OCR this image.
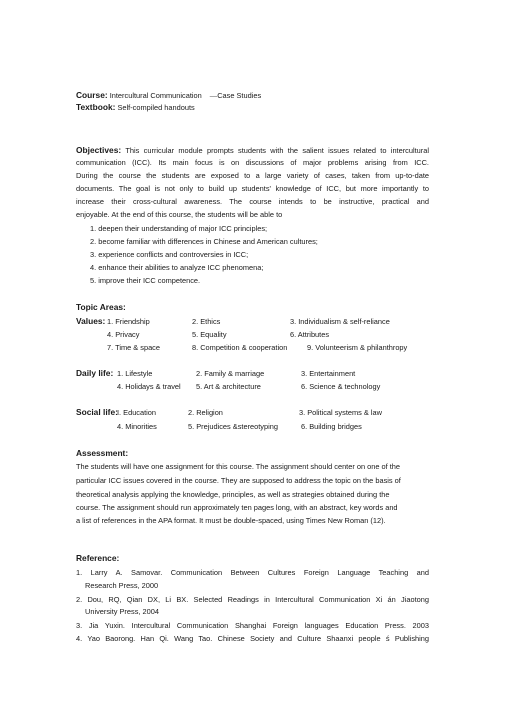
Course: Intercultural Communication —Case Studies
Textbook: Self-compiled handouts
Objectives: This curricular module prompts students with the salient issues related to intercultural
communication (ICC). Its main focus is on discussions of major problems arising from ICC.
During the course the students are exposed to a large variety of cases, taken from up-to-date
documents. The goal is not only to build up students' knowledge of ICC, but more importantly to
increase their cross-cultural awareness. The course intends to be instructive, practical and
enjoyable. At the end of this course, the students will be able to
1. deepen their understanding of major ICC principles;
2. become familiar with differences in Chinese and American cultures;
3. experience conflicts and controversies in ICC;
4. enhance their abilities to analyze ICC phenomena;
5. improve their ICC competence.
Topic Areas:
Values: 1. Friendship	2. Ethics	3. Individualism & self-reliance
4. Privacy	5. Equality	6. Attributes
7. Time & space	8. Competition & cooperation	9. Volunteerism & philanthropy
Daily life: 1. Lifestyle	2. Family & marriage	3. Entertainment
4. Holidays & travel 5. Art & architecture	6. Science & technology
Social life: I. Education	2. Religion	3. Political systems & law
4. Minorities	5. Prejudices &stereotyping	6. Building bridges
Assessment:
The students will have one assignment for this course. The assignment should center on one of the
particular ICC issues covered in the course. They are supposed to address the topic on the basis of
theoretical analysis applying the knowledge, principles, as well as strategies obtained during the
course. The assignment should run approximately ten pages long, with an abstract, key words and
a list of references in the APA format. It must be double-spaced, using Times New Roman (12).
Reference:
1. Larry A. Samovar. Communication Between Cultures Foreign Language Teaching and
Research Press, 2000
2. Dou, RQ, Qian DX, Li BX. Selected Readings in Intercultural Communication Xi án Jiaotong
University Press, 2004
3. Jia Yuxin. Intercultural Communication Shanghai Foreign languages Education Press. 2003
4. Yao Baorong. Han Qi. Wang Tao. Chinese Society and Culture Shaanxi people ś Publishing
